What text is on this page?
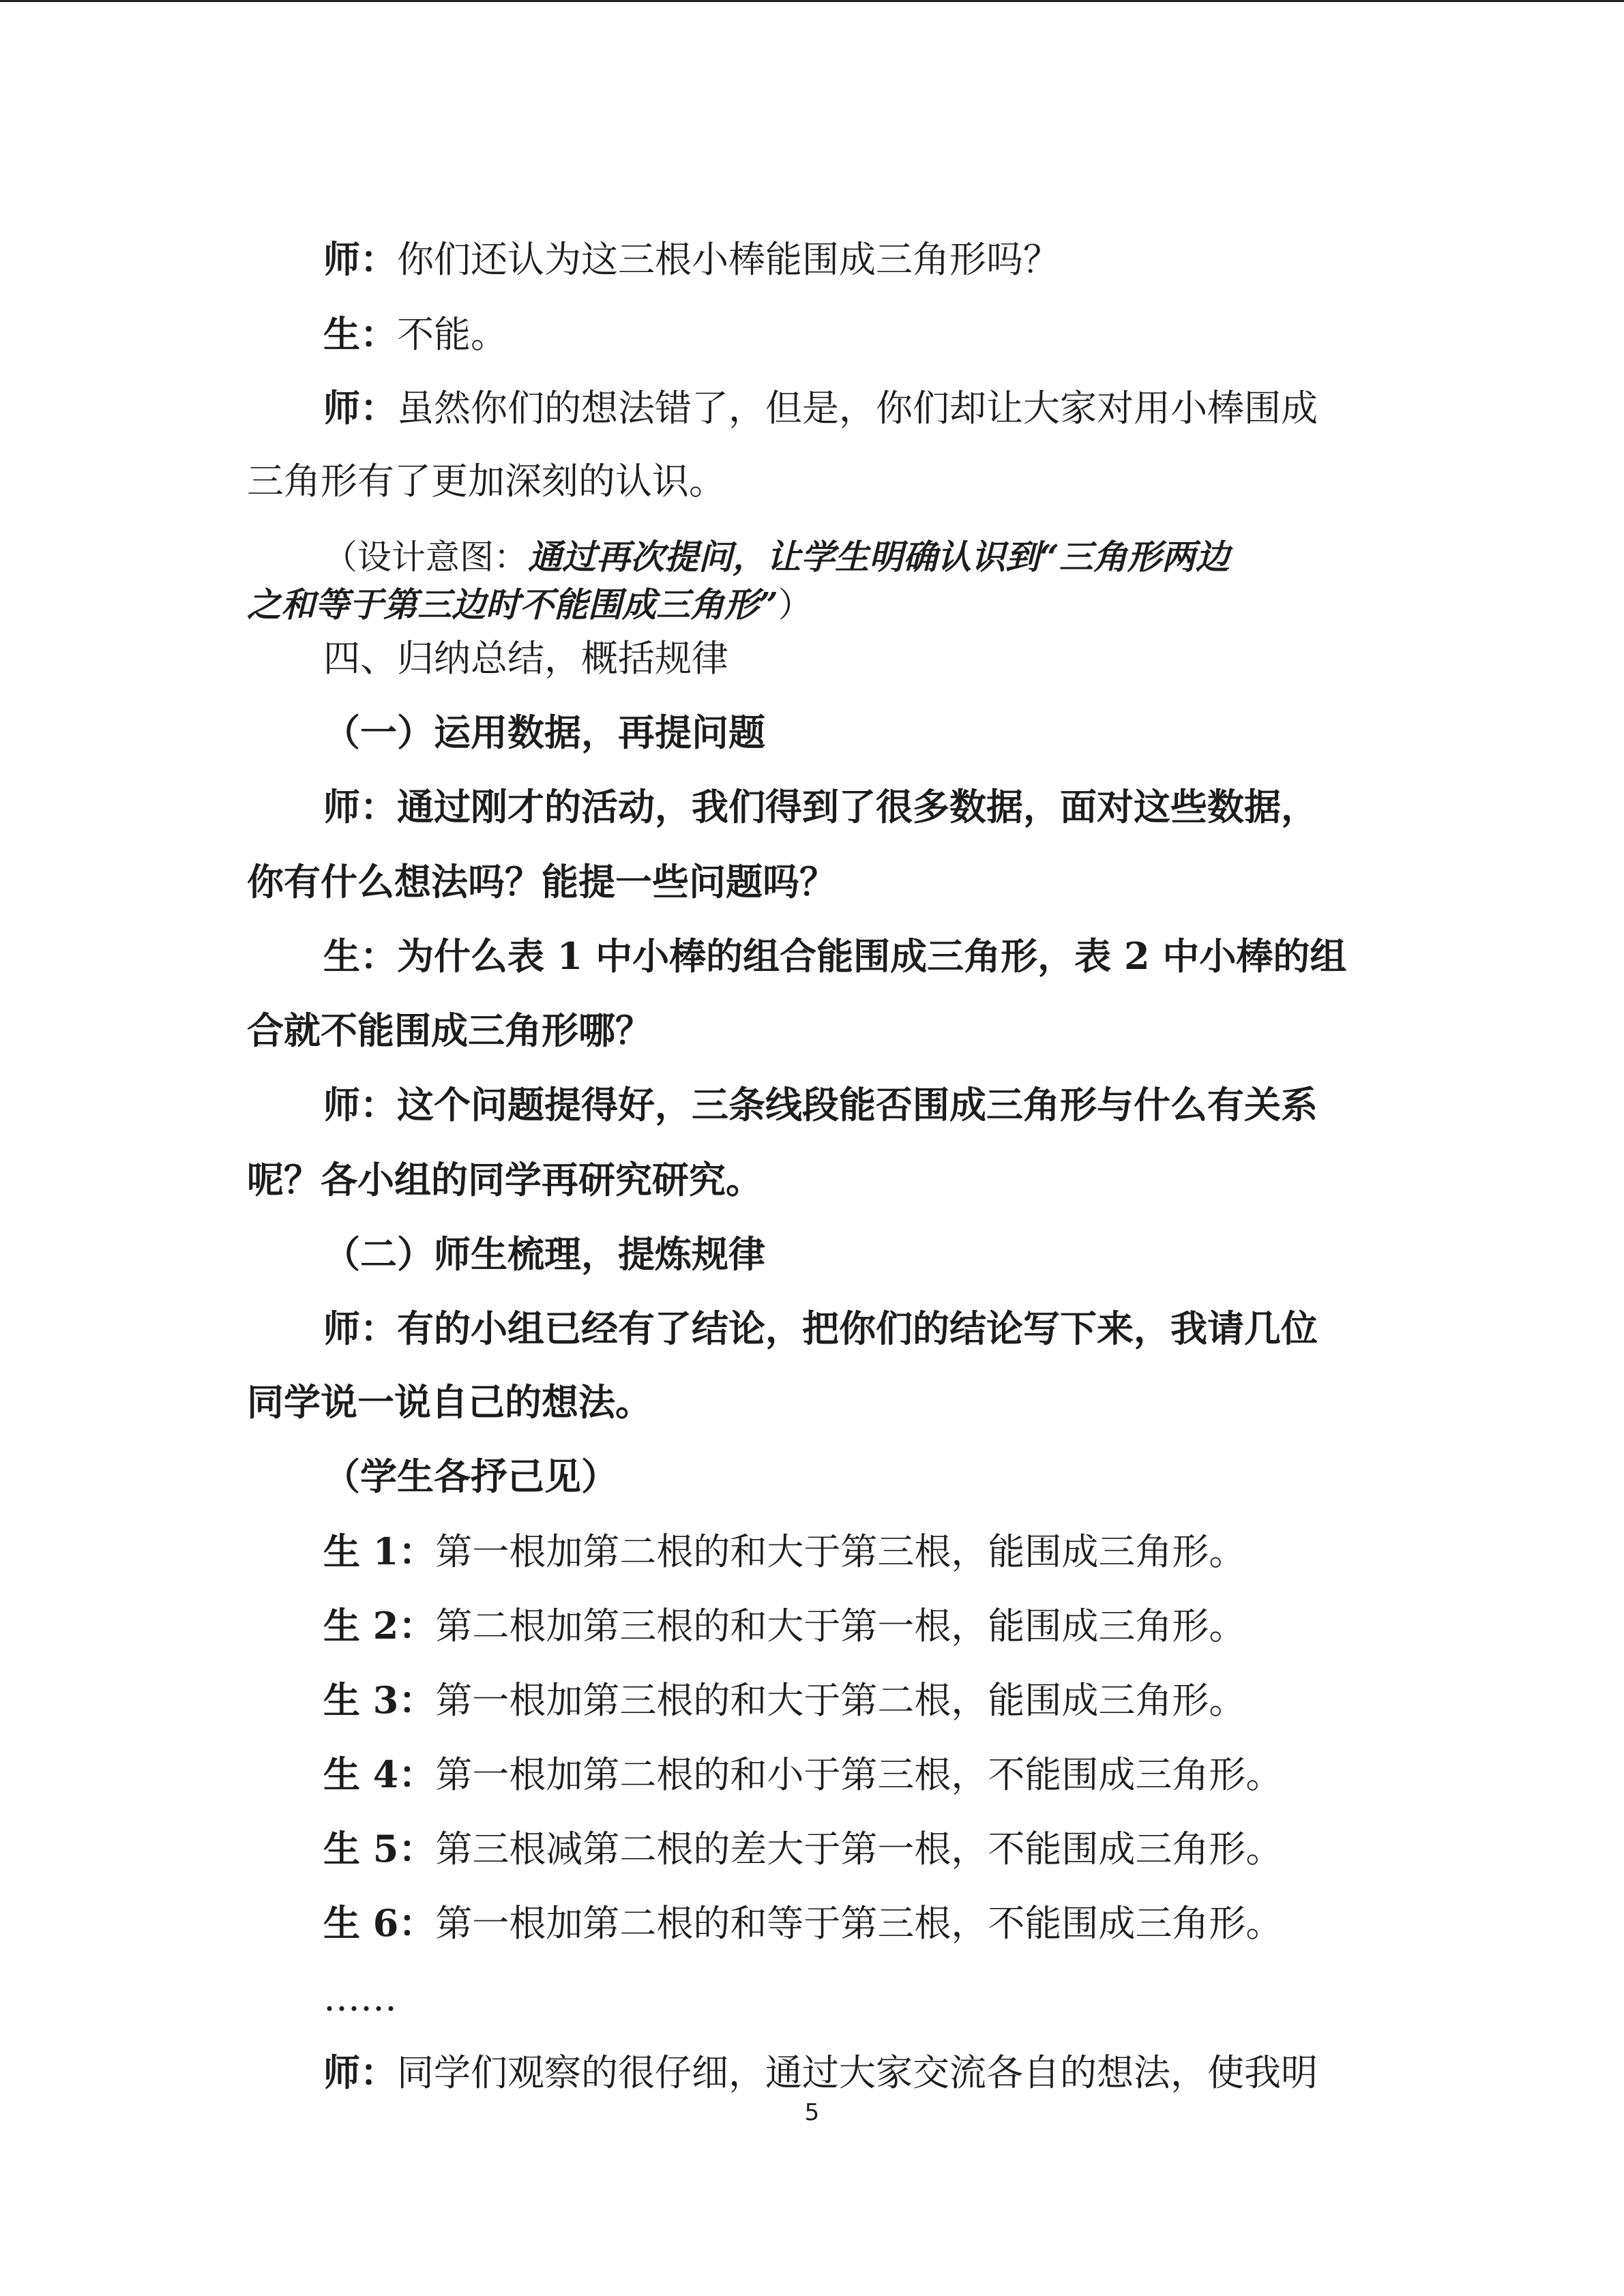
师：你们还认为这三根小棒能围成三角形吗？

生：不能。

师：虽然你们的想法错了，但是，你们却让大家对用小棒围成

三角形有了更加深刻的认识。

（设计意图：通过再次提问，让学生明确认识到“三角形两边

之和等于第三边时不能围成三角形”）

四、归纳总结，概括规律

（一）运用数据，再提问题

师：通过刚才的活动，我们得到了很多数据，面对这些数据，

你有什么想法吗？能提一些问题吗？

生：为什么表 1 中小棒的组合能围成三角形，表 2 中小棒的组

合就不能围成三角形哪？

师：这个问题提得好，三条线段能否围成三角形与什么有关系

呢？各小组的同学再研究研究。

（二）师生梳理，提炼规律

师：有的小组已经有了结论，把你们的结论写下来，我请几位

同学说一说自己的想法。

（学生各抒己见）

生 1：第一根加第二根的和大于第三根，能围成三角形。

生 2：第二根加第三根的和大于第一根，能围成三角形。

生 3：第一根加第三根的和大于第二根，能围成三角形。

生 4：第一根加第二根的和小于第三根，不能围成三角形。

生 5：第三根减第二根的差大于第一根，不能围成三角形。

生 6：第一根加第二根的和等于第三根，不能围成三角形。

……

师：同学们观察的很仔细，通过大家交流各自的想法，使我明

5
